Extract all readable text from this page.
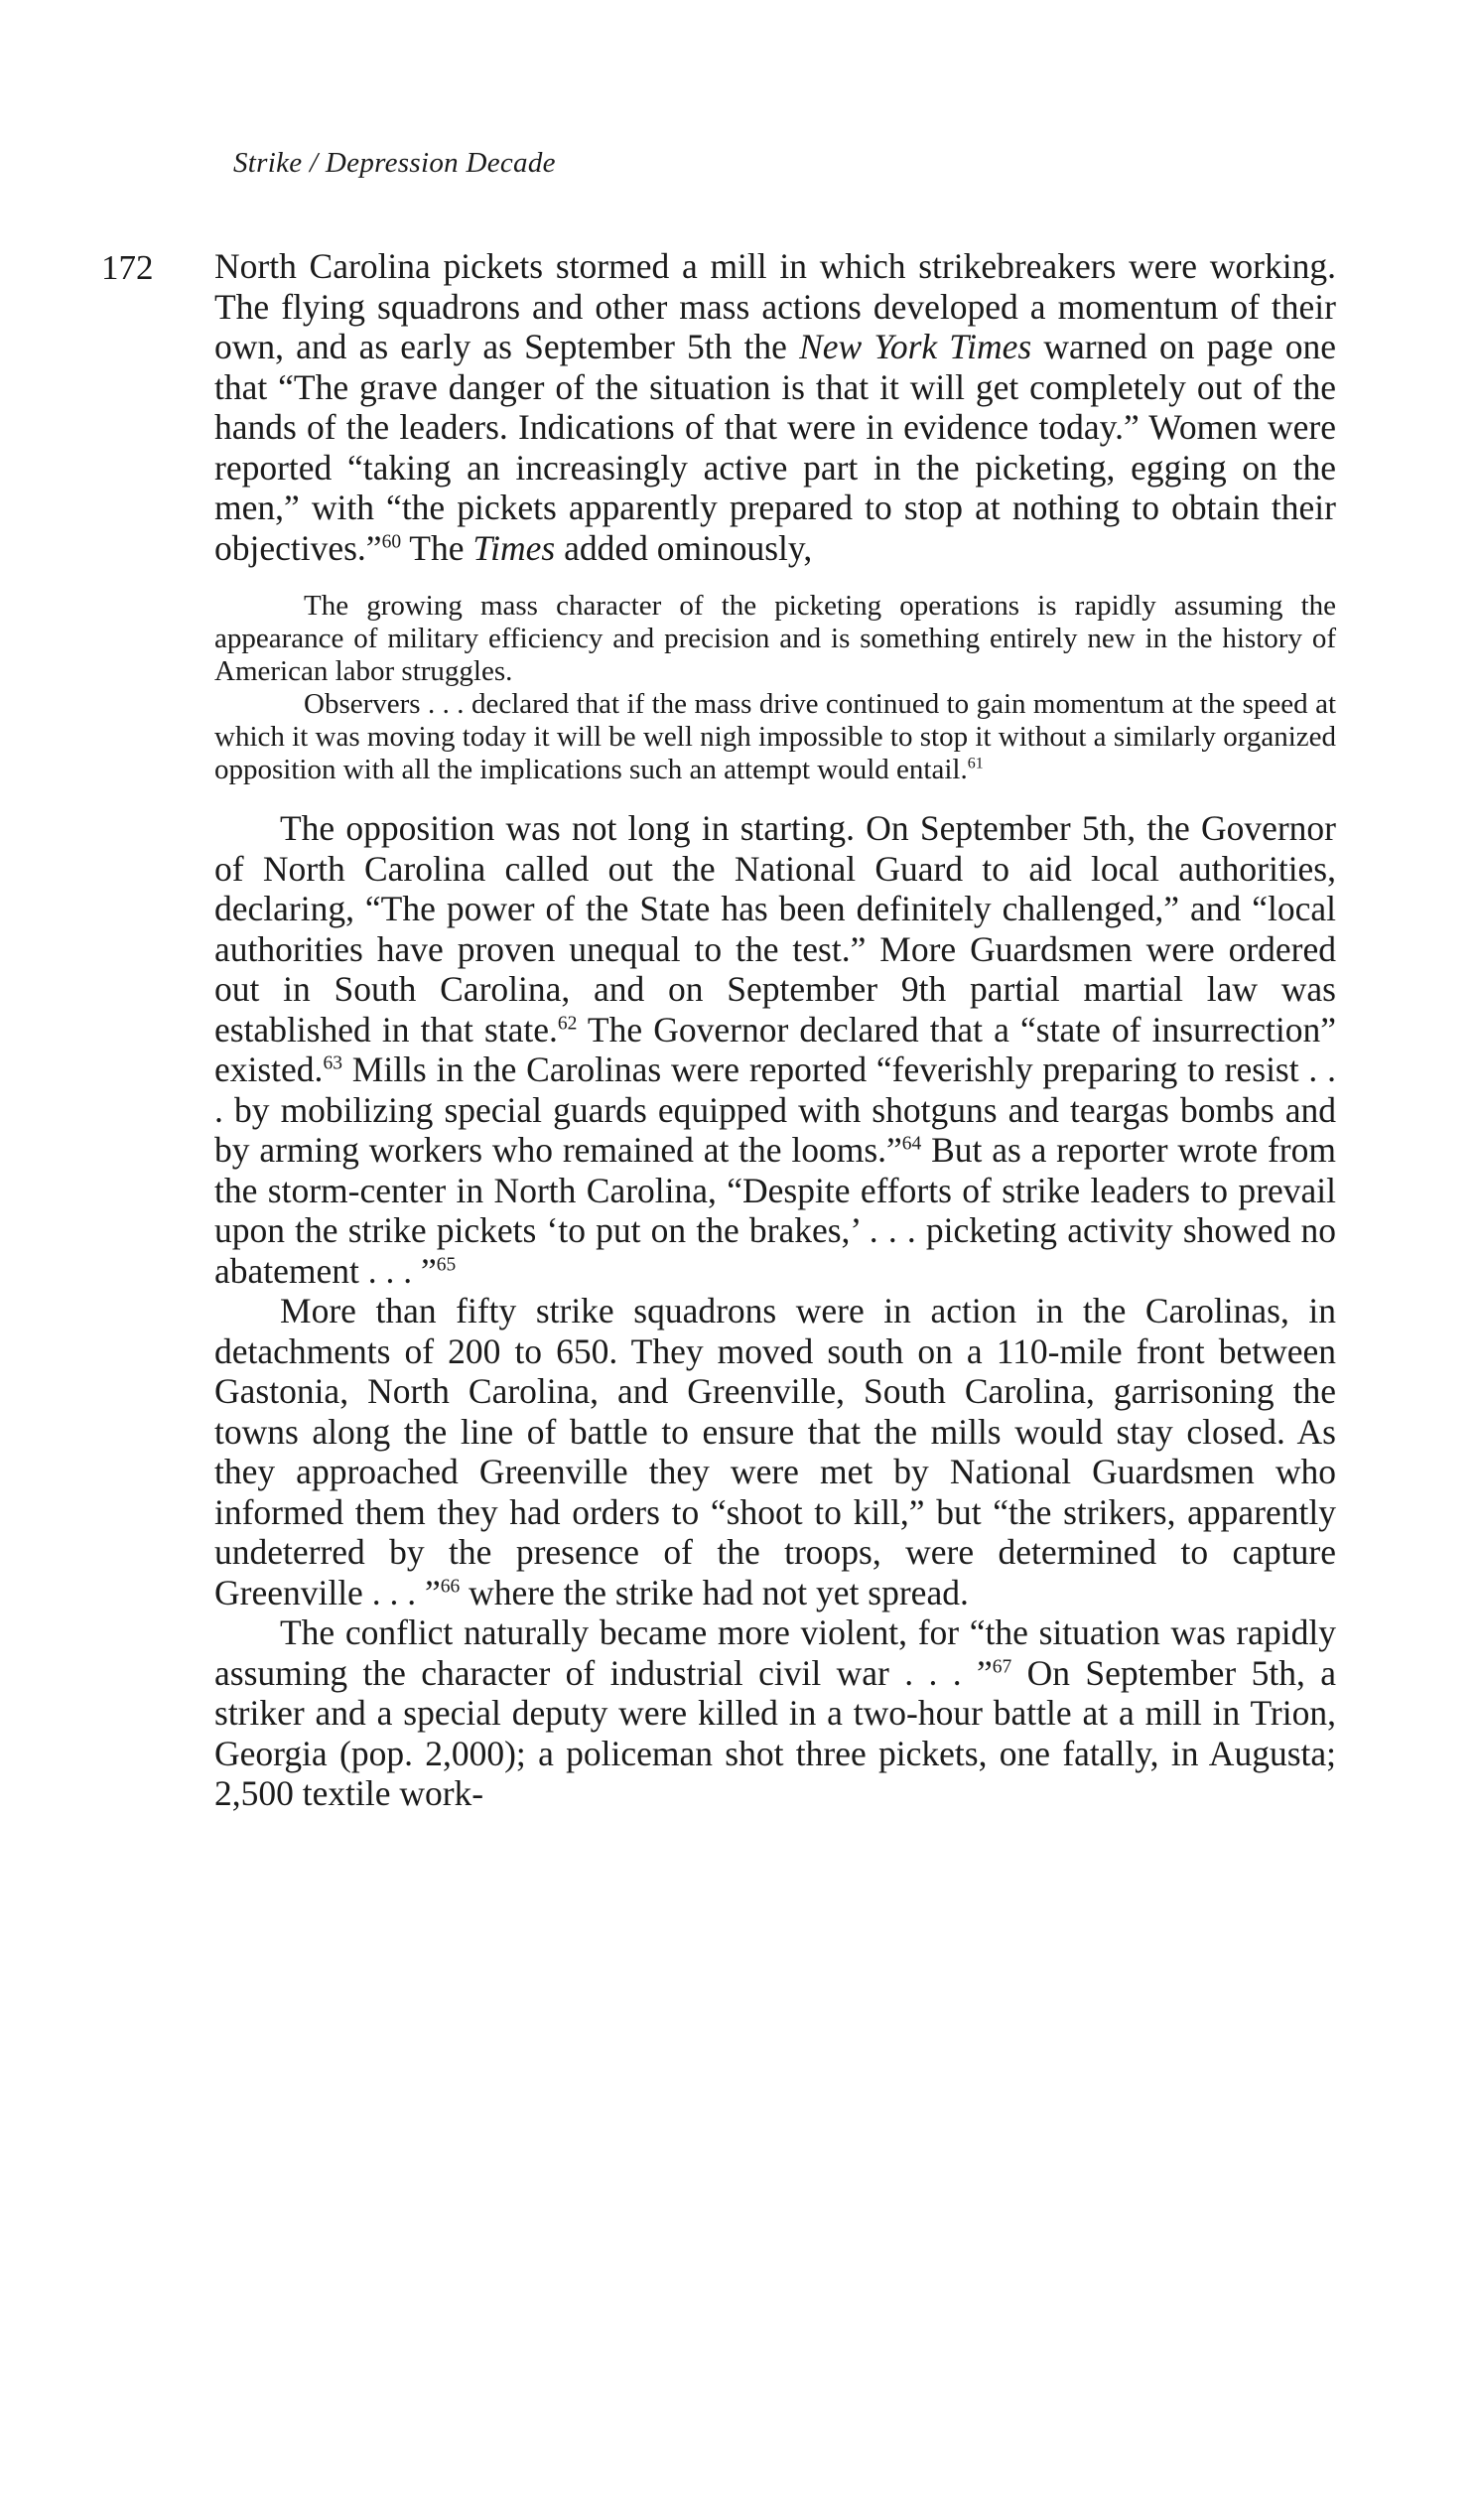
Strike / Depression Decade
172 North Carolina pickets stormed a mill in which strikebreakers were working. The flying squadrons and other mass actions developed a momentum of their own, and as early as September 5th the New York Times warned on page one that “The grave danger of the situation is that it will get completely out of the hands of the leaders. Indications of that were in evidence today.” Women were reported “taking an increasingly active part in the picketing, egging on the men,” with “the pickets apparently prepared to stop at nothing to obtain their objectives.”$^{60}$ The Times added ominously,

The growing mass character of the picketing operations is rapidly assuming the appearance of military efficiency and precision and is something entirely new in the history of American labor struggles.

Observers . . . declared that if the mass drive continued to gain momentum at the speed at which it was moving today it will be well nigh impossible to stop it without a similarly organized opposition with all the implications such an attempt would entail.$^{61}$

The opposition was not long in starting. On September 5th, the Governor of North Carolina called out the National Guard to aid local authorities, declaring, “The power of the State has been definitely challenged,” and “local authorities have proven unequal to the test.” More Guardsmen were ordered out in South Carolina, and on September 9th partial martial law was established in that state.$^{62}$ The Governor declared that a “state of insurrection” existed.$^{63}$ Mills in the Carolinas were reported “feverishly preparing to resist . . . by mobilizing special guards equipped with shotguns and teargas bombs and by arming workers who remained at the looms.”$^{64}$ But as a reporter wrote from the storm-center in North Carolina, “Despite efforts of strike leaders to prevail upon the strike pickets ‘to put on the brakes,’ . . . picketing activity showed no abatement . . . ”$^{65}$

More than fifty strike squadrons were in action in the Carolinas, in detachments of 200 to 650. They moved south on a 110-mile front between Gastonia, North Carolina, and Greenville, South Carolina, garrisoning the towns along the line of battle to ensure that the mills would stay closed. As they approached Greenville they were met by National Guardsmen who informed them they had orders to “shoot to kill,” but “the strikers, apparently undeterred by the presence of the troops, were determined to capture Greenville . . . ”$^{66}$ where the strike had not yet spread.

The conflict naturally became more violent, for “the situation was rapidly assuming the character of industrial civil war . . . ”$^{67}$ On September 5th, a striker and a special deputy were killed in a two-hour battle at a mill in Trion, Georgia (pop. 2,000); a policeman shot three pickets, one fatally, in Augusta; 2,500 textile work-
